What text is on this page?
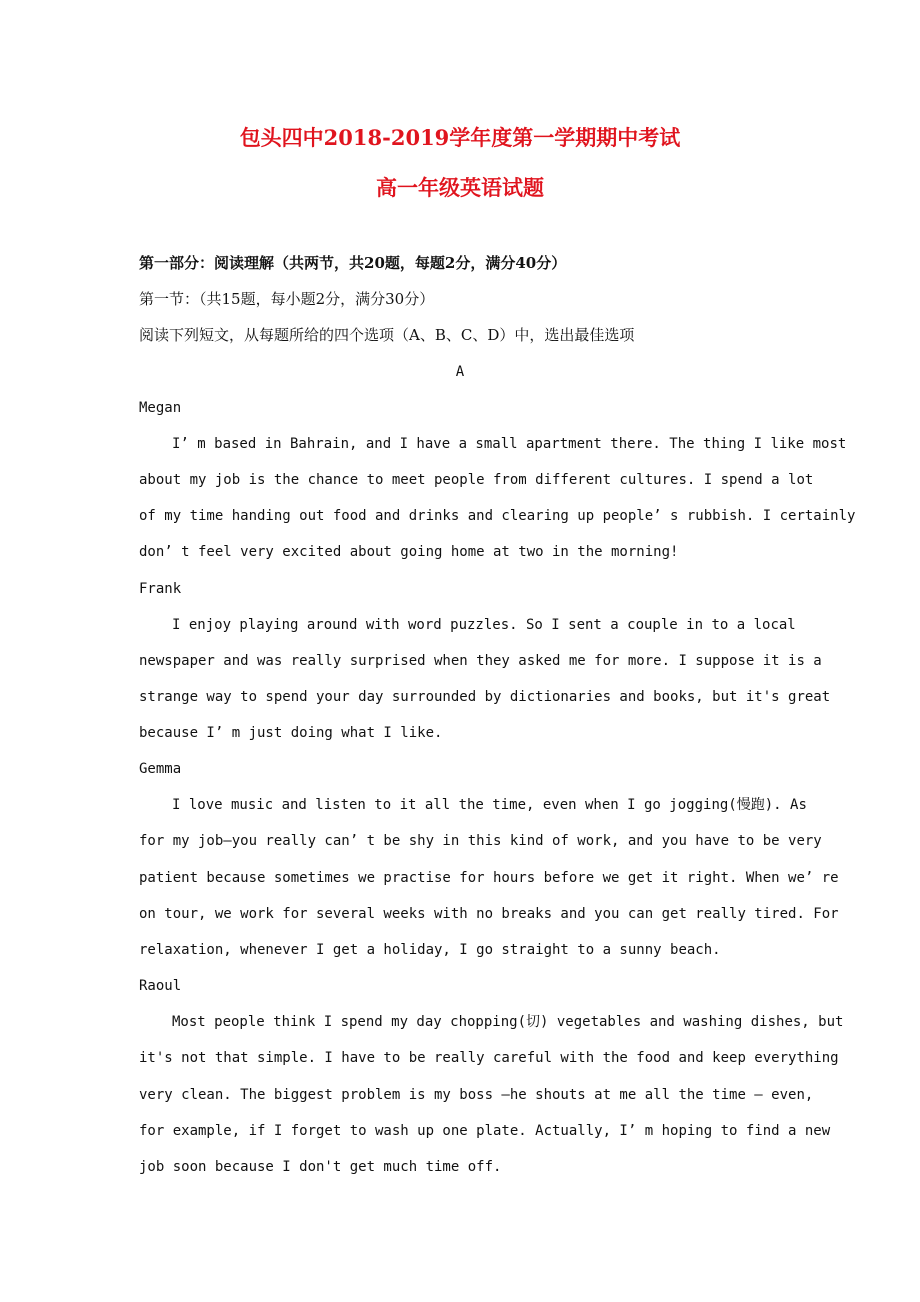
包头四中2018-2019学年度第一学期期中考试
高一年级英语试题
第一部分：阅读理解（共两节，共20题，每题2分，满分40分）
第一节：（共15题，每小题2分，满分30分）
阅读下列短文，从每题所给的四个选项（A、B、C、D）中，选出最佳选项
A
Megan
I’ m based in Bahrain, and I have a small apartment there. The thing I like most
about my job is the chance to meet people from different cultures. I spend a lot
of my time handing out food and drinks and clearing up people’ s rubbish. I certainly
don’ t feel very excited about going home at two in the morning!
Frank
I enjoy playing around with word puzzles. So I sent a couple in to a local
newspaper and was really surprised when they asked me for more. I suppose it is a
strange way to spend your day surrounded by dictionaries and books, but it's great
because I’ m just doing what I like.
Gemma
I love music and listen to it all the time, even when I go jogging(慢跑). As
for my job—you really can’ t be shy in this kind of work, and you have to be very
patient because sometimes we practise for hours before we get it right. When we’ re
on tour, we work for several weeks with no breaks and you can get really tired. For
relaxation, whenever I get a holiday, I go straight to a sunny beach.
Raoul
Most people think I spend my day chopping(切) vegetables and washing dishes, but
it's not that simple. I have to be really careful with the food and keep everything
very clean. The biggest problem is my boss —he shouts at me all the time — even,
for example, if I forget to wash up one plate. Actually, I’ m hoping to find a new
job soon because I don't get much time off.
